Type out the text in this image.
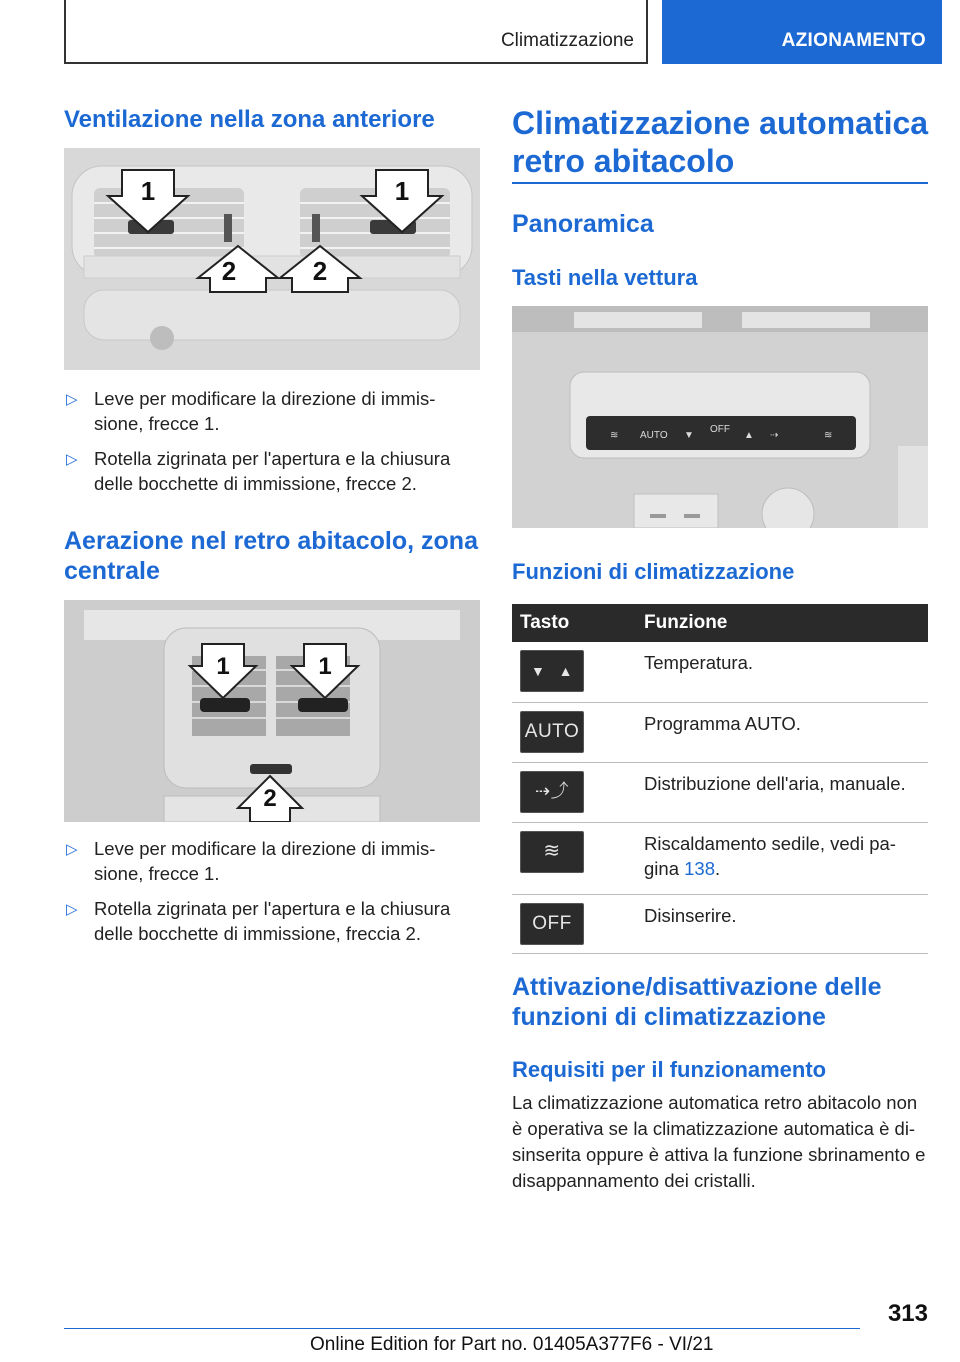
Climatizzazione	AZIONAMENTO
Ventilazione nella zona anteriore
1	1
2	2
▷ Leve per modificare la direzione di immis-sione, frecce 1.
▷ Rotella zigrinata per l'apertura e la chiusura delle bocchette di immissione, frecce 2.
Aerazione nel retro abitacolo, zona centrale
1	1
2
▷ Leve per modificare la direzione di immis-sione, frecce 1.
▷ Rotella zigrinata per l'apertura e la chiusura delle bocchette di immissione, freccia 2.
Climatizzazione automatica retro abitacolo
Panoramica
Tasti nella vettura
≋ AUTO ▼
OFF
▲ ⇢	≋
Funzioni di climatizzazione
Tasto	Funzione

▼   ▲	Temperatura.

AUTO	Programma AUTO.

⇢⤴	Distribuzione dell'aria, manuale.

≋	Riscaldamento sedile, vedi pa-gina 138.

OFF	Disinserire.
Attivazione/disattivazione delle funzioni di climatizzazione
Requisiti per il funzionamento

La climatizzazione automatica retro abitacolo non è operativa se la climatizzazione automatica è di-sinserita oppure è attiva la funzione sbrinamento e disappannamento dei cristalli.

313
Online Edition for Part no. 01405A377F6 - VI/21
